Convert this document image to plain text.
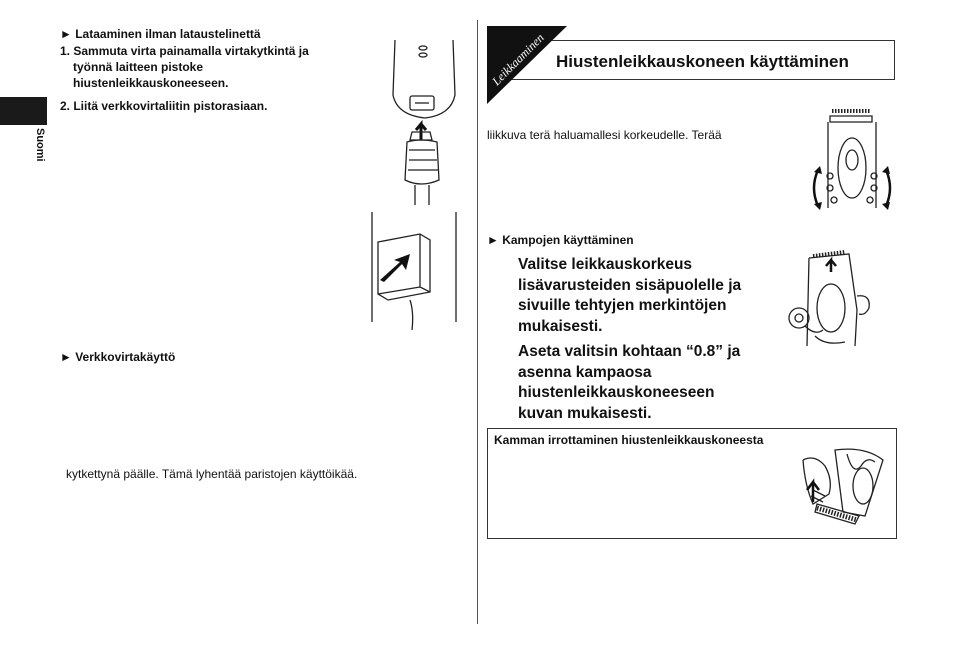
Suomi
► Lataaminen ilman lataustelinettä
1. Sammuta virta painamalla virtakytkintä ja
työnnä laitteen pistoke
hiustenleikkauskoneeseen.
2. Liitä verkkovirtaliitin pistorasiaan.
► Verkkovirtakäyttö
kytkettynä päälle. Tämä lyhentää paristojen käyttöikää.
Leikkaaminen Hiustenleikkauskoneen käyttäminen
liikkuva terä haluamallesi korkeudelle. Terää
► Kampojen käyttäminen
Valitse leikkauskorkeus
lisävarusteiden sisäpuolelle ja
sivuille tehtyjen merkintöjen
mukaisesti.
Aseta valitsin kohtaan “0.8” ja
asenna kampaosa
hiustenleikkauskoneeseen
kuvan mukaisesti.
Kamman irrottaminen hiustenleikkauskoneesta
